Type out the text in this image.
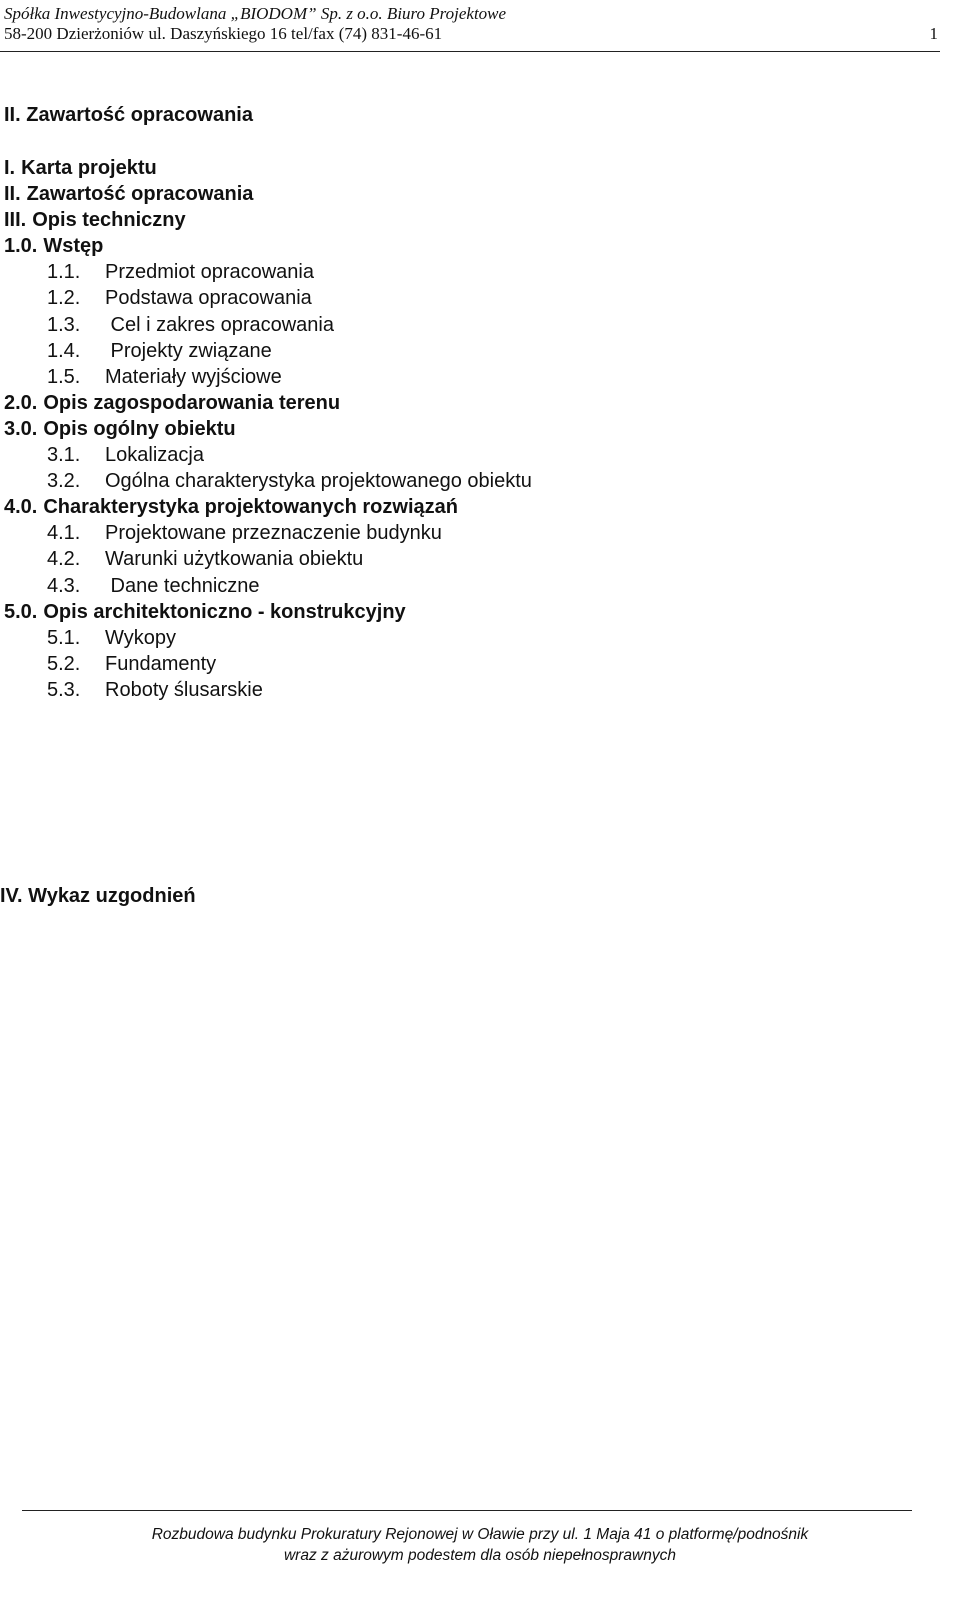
Spółka Inwestycyjno-Budowlana „BIODOM” Sp. z o.o. Biuro Projektowe
58-200 Dzierżoniów ul. Daszyńskiego 16 tel/fax (74) 831-46-61	1
II. Zawartość opracowania
I. Karta projektu
II. Zawartość opracowania
III. Opis techniczny
1.0. Wstęp
1.1. Przedmiot opracowania
1.2. Podstawa opracowania
1.3. Cel i zakres opracowania
1.4. Projekty związane
1.5. Materiały wyjściowe
2.0. Opis zagospodarowania terenu
3.0. Opis ogólny obiektu
3.1. Lokalizacja
3.2. Ogólna charakterystyka projektowanego obiektu
4.0. Charakterystyka projektowanych rozwiązań
4.1. Projektowane przeznaczenie budynku
4.2. Warunki użytkowania obiektu
4.3. Dane techniczne
5.0. Opis architektoniczno - konstrukcyjny
5.1. Wykopy
5.2. Fundamenty
5.3. Roboty ślusarskie
IV. Wykaz uzgodnień
Rozbudowa budynku Prokuratury Rejonowej w Oławie przy ul. 1 Maja 41 o platformę/podnośnik
wraz z ażurowym podestem dla osób niepełnosprawnych
